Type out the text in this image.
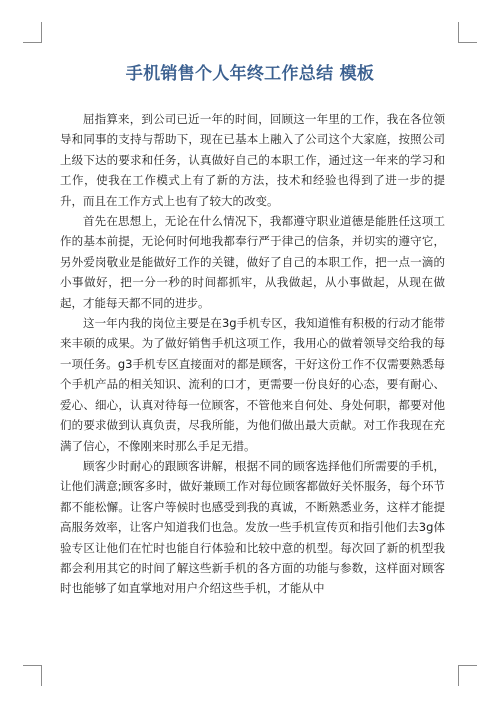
手机销售个人年终工作总结 模板

屈指算来，到公司已近一年的时间，回顾这一年里的工作，我在各位领导和同事的支持与帮助下，现在已基本上融入了公司这个大家庭，按照公司上级下达的要求和任务，认真做好自己的本职工作，通过这一年来的学习和工作，使我在工作模式上有了新的方法，技术和经验也得到了进一步的提升，而且在工作方式上也有了较大的改变。

首先在思想上，无论在什么情况下，我都遵守职业道德是能胜任这项工作的基本前提，无论何时何地我都奉行严于律己的信条，并切实的遵守它，另外爱岗敬业是能做好工作的关键，做好了自己的本职工作，把一点一滴的小事做好，把一分一秒的时间都抓牢，从我做起，从小事做起，从现在做起，才能每天都不同的进步。

这一年内我的岗位主要是在3g手机专区，我知道惟有积极的行动才能带来丰硕的成果。为了做好销售手机这项工作，我用心的做着领导交给我的每一项任务。g3手机专区直接面对的都是顾客，干好这份工作不仅需要熟悉每个手机产品的相关知识、流利的口才，更需要一份良好的心态，要有耐心、爱心、细心，认真对待每一位顾客，不管他来自何处、身处何职，都要对他们的要求做到认真负责，尽我所能，为他们做出最大贡献。对工作我现在充满了信心，不像刚来时那么手足无措。

顾客少时耐心的跟顾客讲解，根据不同的顾客选择他们所需要的手机，让他们满意;顾客多时，做好兼顾工作对每位顾客都做好关怀服务，每个环节都不能松懈。让客户等候时也感受到我的真诚，不断熟悉业务，这样才能提高服务效率，让客户知道我们也急。发放一些手机宣传页和指引他们去3g体验专区让他们在忙时也能自行体验和比较中意的机型。每次回了新的机型我都会利用其它的时间了解这些新手机的各方面的功能与参数，这样面对顾客时也能够了如直掌地对用户介绍这些手机，才能从中
